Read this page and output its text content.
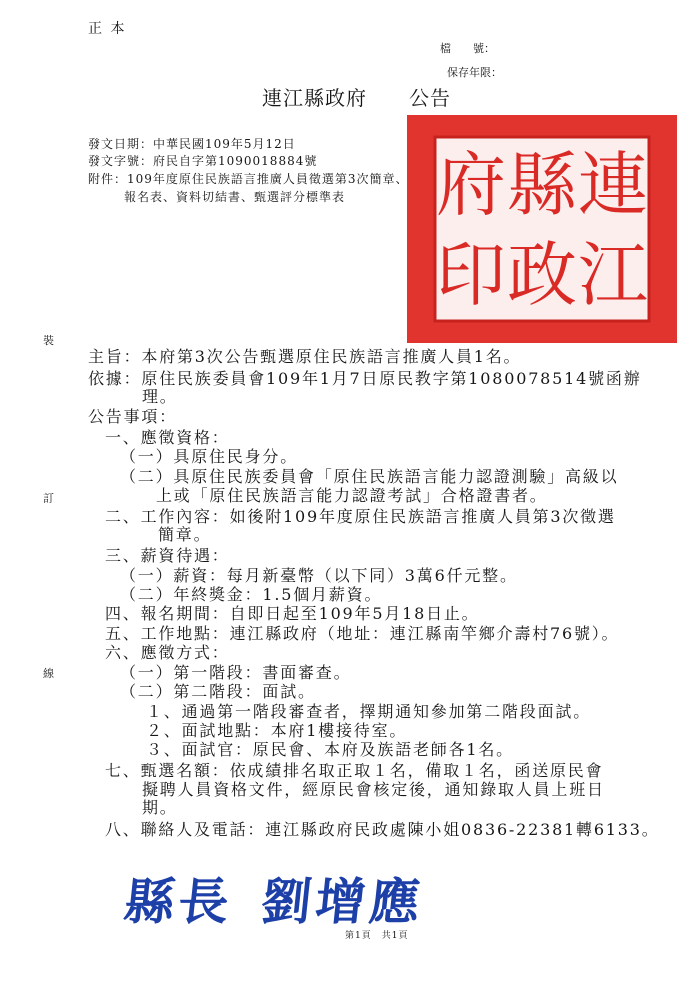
正 本
檔　　號：
保存年限：
連江縣政府　　公告
連
江
縣
政
府
印
發文日期：中華民國109年5月12日
發文字號：府民自字第1090018884號
附件：109年度原住民族語言推廣人員徵選第3次簡章、
報名表、資料切結書、甄選評分標準表
裝
訂
線
主旨：本府第3次公告甄選原住民族語言推廣人員1名。
依據：原住民族委員會109年1月7日原民教字第1080078514號函辦
理。
公告事項：
一、應徵資格：
（一）具原住民身分。
（二）具原住民族委員會「原住民族語言能力認證測驗」高級以
上或「原住民族語言能力認證考試」合格證書者。
二、工作內容：如後附109年度原住民族語言推廣人員第3次徵選
簡章。
三、薪資待遇：
（一）薪資：每月新臺幣（以下同）3萬6仟元整。
（二）年終獎金：1.5個月薪資。
四、報名期間：自即日起至109年5月18日止。
五、工作地點：連江縣政府（地址：連江縣南竿鄉介壽村76號）。
六、應徵方式：
（一）第一階段：書面審查。
（二）第二階段：面試。
１、通過第一階段審查者，擇期通知參加第二階段面試。
２、面試地點：本府1樓接待室。
３、面試官：原民會、本府及族語老師各1名。
七、甄選名額：依成績排名取正取１名，備取１名，函送原民會
擬聘人員資格文件，經原民會核定後，通知錄取人員上班日
期。
八、聯絡人及電話：連江縣政府民政處陳小姐0836-22381轉6133。
縣長 劉增應
第1頁　共1頁
